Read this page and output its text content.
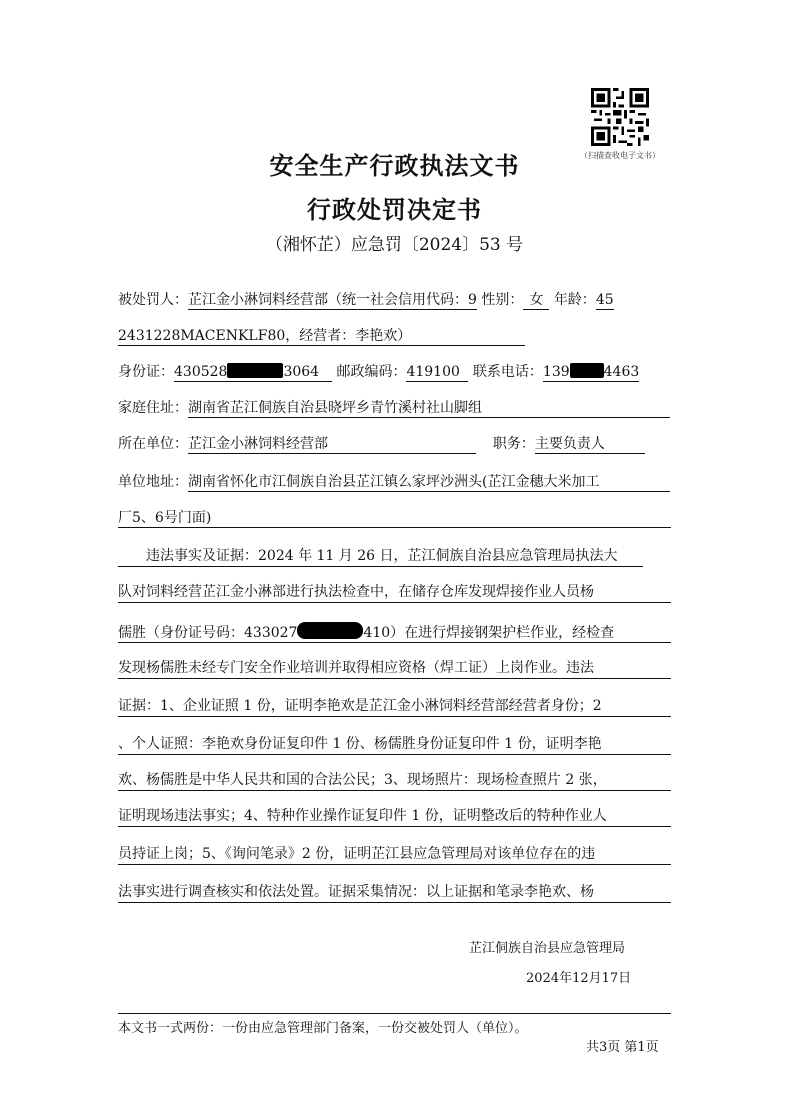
（扫描查收电子文书）
安全生产行政执法文书
行政处罚决定书
（湘怀芷）应急罚〔2024〕53 号
被处罚人：芷江金小淋饲料经营部（统一社会信用代码：9 性别： 女 年龄：45
2431228MACENKLF80，经营者：李艳欢）
身份证：430528	3064 邮政编码：419100 联系电话：139 4463
家庭住址：湖南省芷江侗族自治县晓坪乡青竹溪村社山脚组
所在单位：芷江金小淋饲料经营部	职务：主要负责人
单位地址：湖南省怀化市江侗族自治县芷江镇么家坪沙洲头(芷江金穗大米加工
厂5、6号门面)
违法事实及证据：2024 年 11 月 26 日，芷江侗族自治县应急管理局执法大
队对饲料经营芷江金小淋部进行执法检查中，在储存仓库发现焊接作业人员杨
儒胜（身份证号码：433027	410）在进行焊接钢架护栏作业，经检查
发现杨儒胜未经专门安全作业培训并取得相应资格（焊工证）上岗作业。违法
证据：1、企业证照 1 份，证明李艳欢是芷江金小淋饲料经营部经营者身份；2
、个人证照：李艳欢身份证复印件 1 份、杨儒胜身份证复印件 1 份，证明李艳
欢、杨儒胜是中华人民共和国的合法公民；3、现场照片：现场检查照片 2 张，
证明现场违法事实；4、特种作业操作证复印件 1 份，证明整改后的特种作业人
员持证上岗；5、《询问笔录》2 份，证明芷江县应急管理局对该单位存在的违
法事实进行调查核实和依法处置。证据采集情况：以上证据和笔录李艳欢、杨
芷江侗族自治县应急管理局
2024年12月17日
本文书一式两份：一份由应急管理部门备案，一份交被处罚人（单位）。
共3页 第1页
